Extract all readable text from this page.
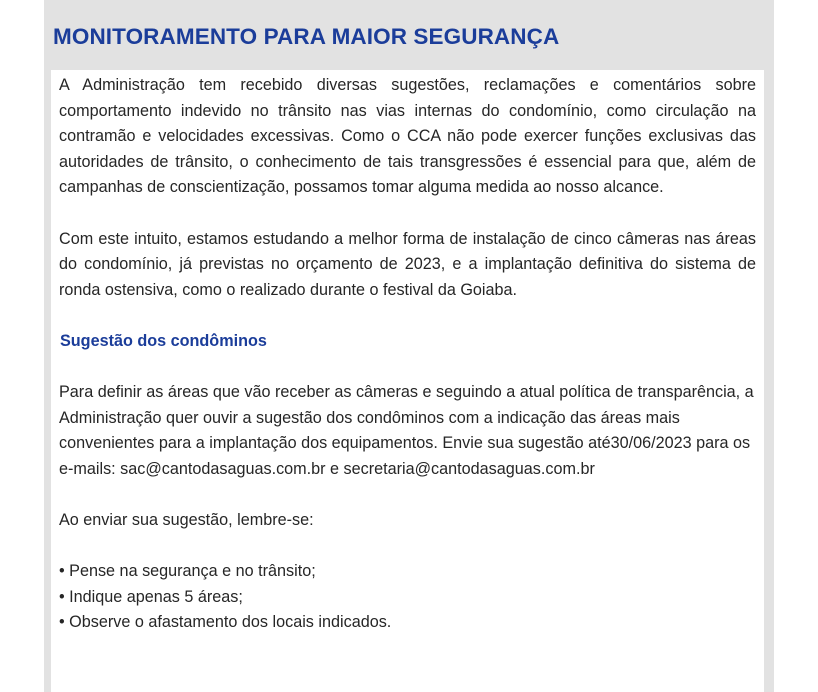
MONITORAMENTO PARA MAIOR SEGURANÇA

A Administração tem recebido diversas sugestões, reclamações e comentários sobre comportamento indevido no trânsito nas vias internas do condomínio, como circulação na contramão e velocidades excessivas. Como o CCA não pode exercer funções exclusivas das autoridades de trânsito, o conhecimento de tais transgressões é essencial para que, além de campanhas de conscientização, possamos tomar alguma medida ao nosso alcance.

Com este intuito, estamos estudando a melhor forma de instalação de cinco câmeras nas áreas do condomínio, já previstas no orçamento de 2023, e a implantação definitiva do sistema de ronda ostensiva, como o realizado durante o festival da Goiaba.

Sugestão dos condôminos

Para definir as áreas que vão receber as câmeras e seguindo a atual política de transparência, a Administração quer ouvir a sugestão dos condôminos com a indicação das áreas mais convenientes para a implantação dos equipamentos. Envie sua sugestão até30/06/2023 para os e-mails: sac@cantodasaguas.com.br e secretaria@cantodasaguas.com.br

Ao enviar sua sugestão, lembre-se:

• Pense na segurança e no trânsito;
• Indique apenas 5 áreas;
• Observe o afastamento dos locais indicados.
